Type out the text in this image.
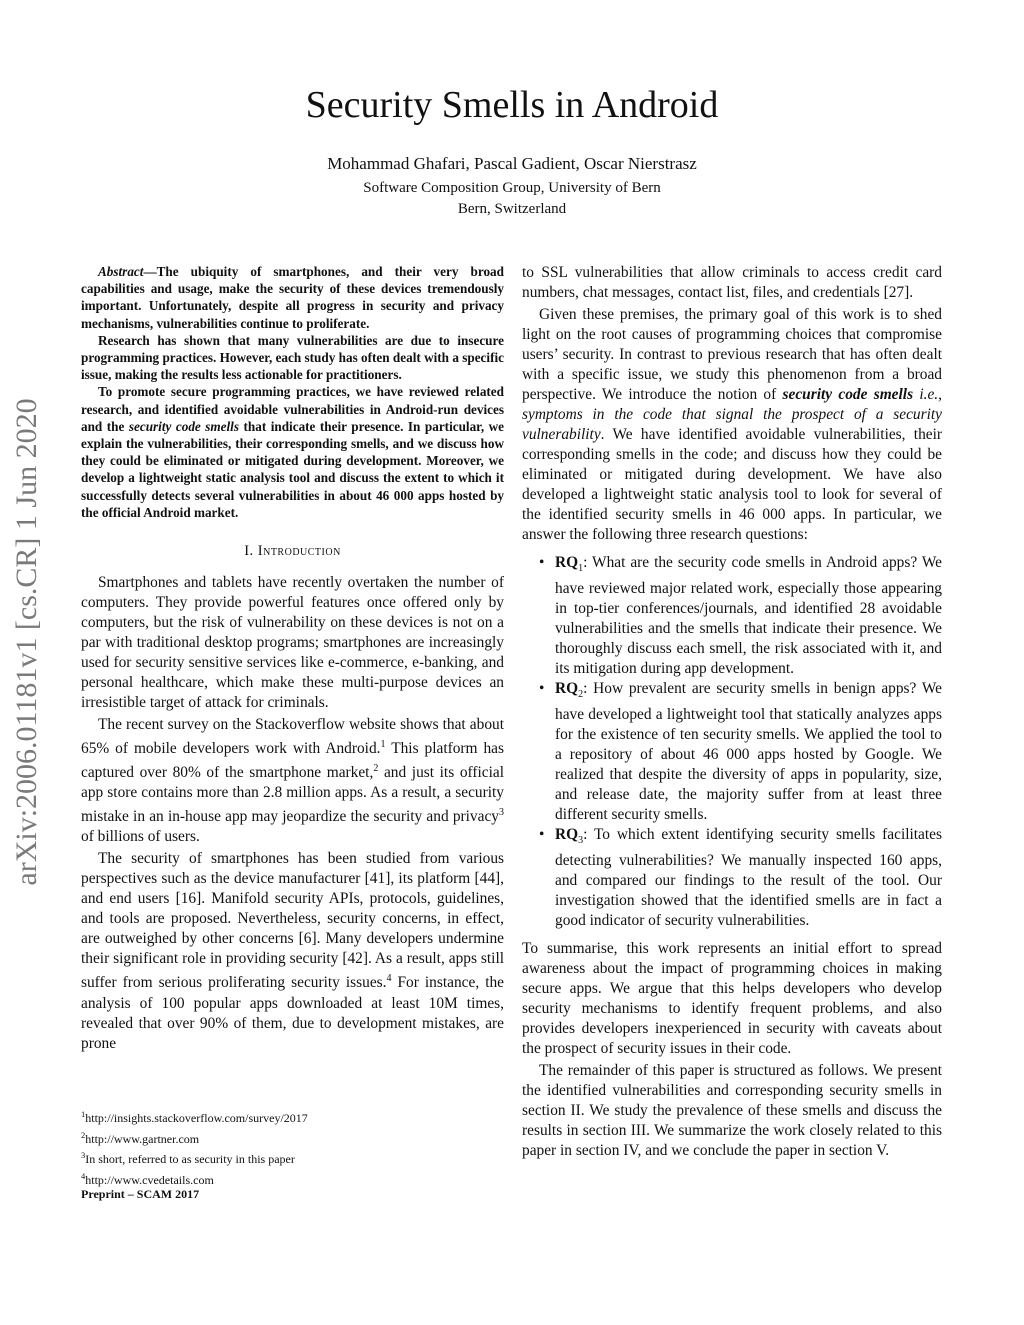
Security Smells in Android
Mohammad Ghafari, Pascal Gadient, Oscar Nierstrasz
Software Composition Group, University of Bern
Bern, Switzerland
arXiv:2006.01181v1 [cs.CR] 1 Jun 2020

Abstract—The ubiquity of smartphones, and their very broad capabilities and usage, make the security of these devices tremendously important. Unfortunately, despite all progress in security and privacy mechanisms, vulnerabilities continue to proliferate.

Research has shown that many vulnerabilities are due to insecure programming practices. However, each study has often dealt with a specific issue, making the results less actionable for practitioners.

To promote secure programming practices, we have reviewed related research, and identified avoidable vulnerabilities in Android-run devices and the security code smells that indicate their presence. In particular, we explain the vulnerabilities, their corresponding smells, and we discuss how they could be eliminated or mitigated during development. Moreover, we develop a lightweight static analysis tool and discuss the extent to which it successfully detects several vulnerabilities in about 46 000 apps hosted by the official Android market.

I. Introduction

Smartphones and tablets have recently overtaken the number of computers. They provide powerful features once offered only by computers, but the risk of vulnerability on these devices is not on a par with traditional desktop programs; smartphones are increasingly used for security sensitive services like e-commerce, e-banking, and personal healthcare, which make these multi-purpose devices an irresistible target of attack for criminals.

The recent survey on the Stackoverflow website shows that about 65% of mobile developers work with Android.$^1$ This platform has captured over 80% of the smartphone market,$^2$ and just its official app store contains more than 2.8 million apps. As a result, a security mistake in an in-house app may jeopardize the security and privacy$^3$ of billions of users.

The security of smartphones has been studied from various perspectives such as the device manufacturer [41], its platform [44], and end users [16]. Manifold security APIs, protocols, guidelines, and tools are proposed. Nevertheless, security concerns, in effect, are outweighed by other concerns [6]. Many developers undermine their significant role in providing security [42]. As a result, apps still suffer from serious proliferating security issues.$^4$ For instance, the analysis of 100 popular apps downloaded at least 10M times, revealed that over 90% of them, due to development mistakes, are prone

$^1$http://insights.stackoverflow.com/survey/2017
$^2$http://www.gartner.com
$^3$In short, referred to as security in this paper
$^4$http://www.cvedetails.com
Preprint – SCAM 2017

to SSL vulnerabilities that allow criminals to access credit card numbers, chat messages, contact list, files, and credentials [27].

Given these premises, the primary goal of this work is to shed light on the root causes of programming choices that compromise users’ security. In contrast to previous research that has often dealt with a specific issue, we study this phenomenon from a broad perspective. We introduce the notion of security code smells i.e., symptoms in the code that signal the prospect of a security vulnerability. We have identified avoidable vulnerabilities, their corresponding smells in the code; and discuss how they could be eliminated or mitigated during development. We have also developed a lightweight static analysis tool to look for several of the identified security smells in 46 000 apps. In particular, we answer the following three research questions:

• $RQ_1$: What are the security code smells in Android apps? We have reviewed major related work, especially those appearing in top-tier conferences/journals, and identified 28 avoidable vulnerabilities and the smells that indicate their presence. We thoroughly discuss each smell, the risk associated with it, and its mitigation during app development.
• $RQ_2$: How prevalent are security smells in benign apps? We have developed a lightweight tool that statically analyzes apps for the existence of ten security smells. We applied the tool to a repository of about 46 000 apps hosted by Google. We realized that despite the diversity of apps in popularity, size, and release date, the majority suffer from at least three different security smells.
• $RQ_3$: To which extent identifying security smells facilitates detecting vulnerabilities? We manually inspected 160 apps, and compared our findings to the result of the tool. Our investigation showed that the identified smells are in fact a good indicator of security vulnerabilities.

To summarise, this work represents an initial effort to spread awareness about the impact of programming choices in making secure apps. We argue that this helps developers who develop security mechanisms to identify frequent problems, and also provides developers inexperienced in security with caveats about the prospect of security issues in their code.

The remainder of this paper is structured as follows. We present the identified vulnerabilities and corresponding security smells in section II. We study the prevalence of these smells and discuss the results in section III. We summarize the work closely related to this paper in section IV, and we conclude the paper in section V.
